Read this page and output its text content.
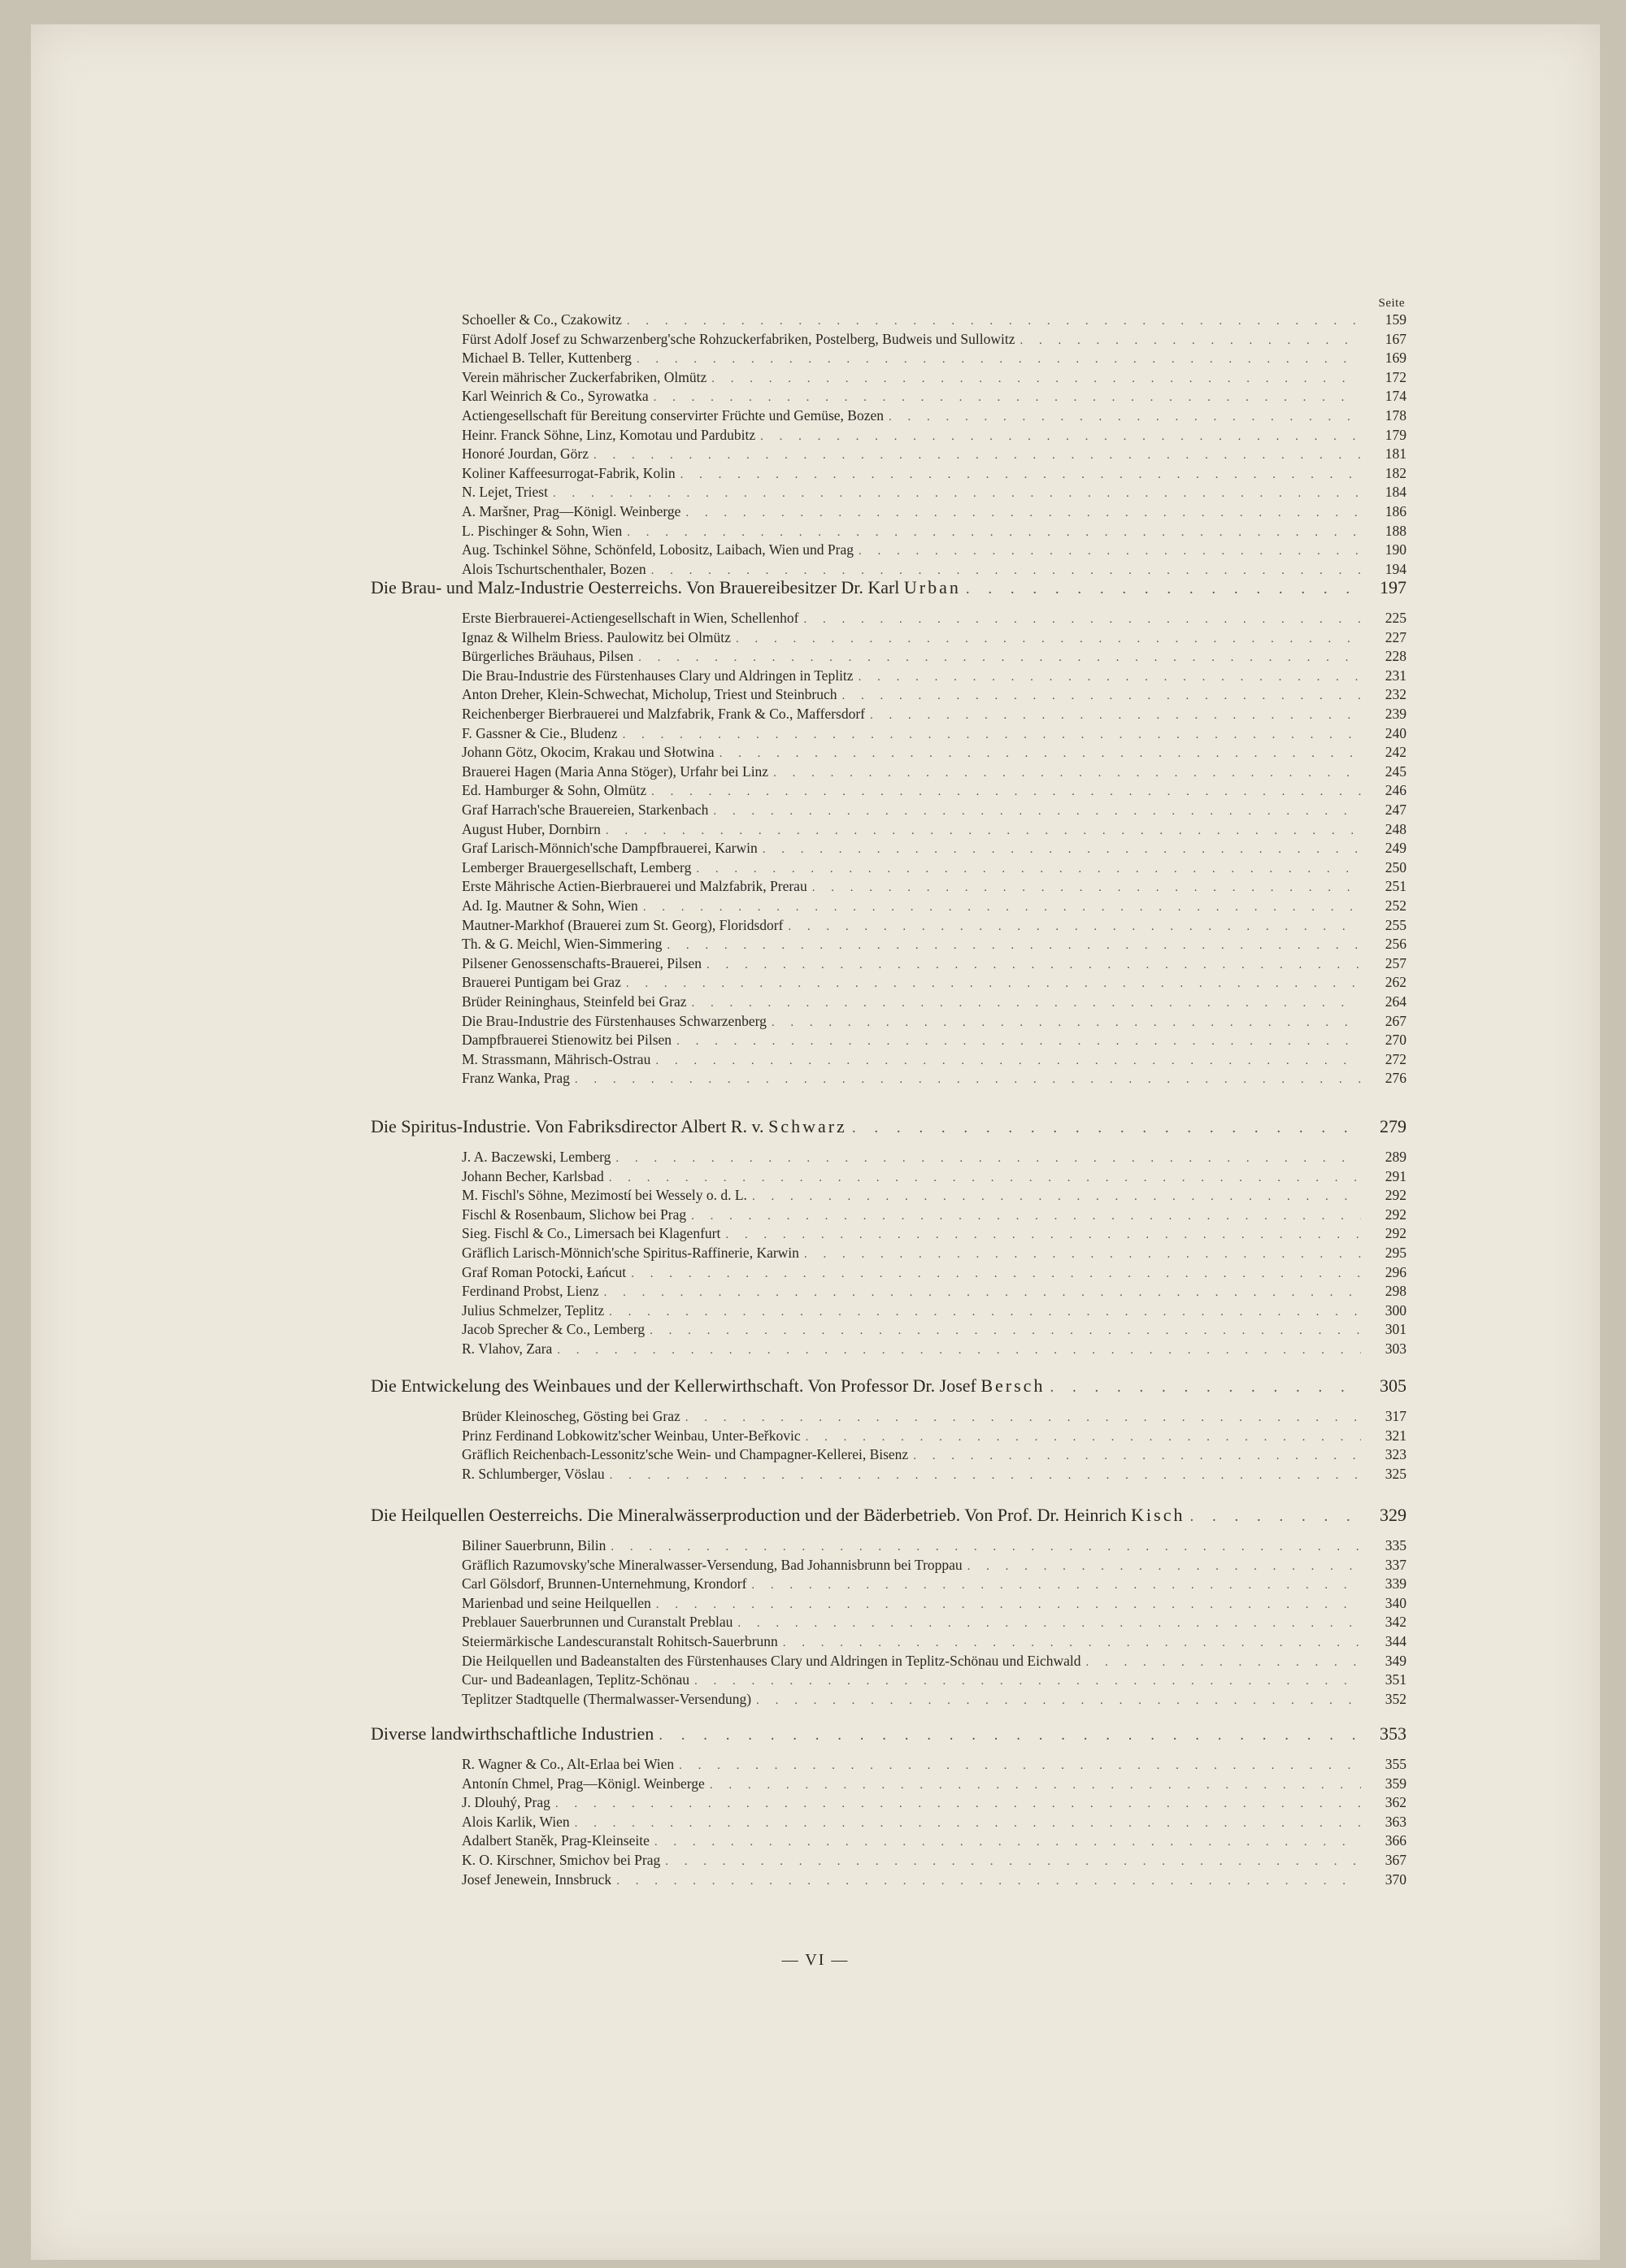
Seite
Schoeller & Co., Czakowitz . . .	159
Fürst Adolf Josef zu Schwarzenberg'sche Rohzuckerfabriken, Postelberg, Budweis und Sullowitz . . .	167
Michael B. Teller, Kuttenberg . . .	169
Verein mährischer Zuckerfabriken, Olmütz . . .	172
Karl Weinrich & Co., Syrowatka . . .	174
Actiengesellschaft für Bereitung conservirter Früchte und Gemüse, Bozen . . .	178
Heinr. Franck Söhne, Linz, Komotau und Pardubitz . . .	179
Honoré Jourdan, Görz . . .	181
Koliner Kaffeesurrogat-Fabrik, Kolin . . .	182
N. Lejet, Triest . . .	184
A. Maršner, Prag—Königl. Weinberge . . .	186
L. Pischinger & Sohn, Wien . . .	188
Aug. Tschinkel Söhne, Schönfeld, Lobositz, Laibach, Wien und Prag . . .	190
Alois Tschurtschenthaler, Bozen . . .	194
Die Brau- und Malz-Industrie Oesterreichs. Von Brauereibesitzer Dr. Karl Urban . . .	197
Erste Bierbrauerei-Actiengesellschaft in Wien, Schellenhof . . .	225
Ignaz & Wilhelm Briess. Paulowitz bei Olmütz . . .	227
Bürgerliches Bräuhaus, Pilsen . . .	228
Die Brau-Industrie des Fürstenhauses Clary und Aldringen in Teplitz . . .	231
Anton Dreher, Klein-Schwechat, Micholup, Triest und Steinbruch . . .	232
Reichenberger Bierbrauerei und Malzfabrik, Frank & Co., Maffersdorf . . .	239
F. Gassner & Cie., Bludenz . . .	240
Johann Götz, Okocim, Krakau und Słotwina . . .	242
Brauerei Hagen (Maria Anna Stöger), Urfahr bei Linz . . .	245
Ed. Hamburger & Sohn, Olmütz . . .	246
Graf Harrach'sche Brauereien, Starkenbach . . .	247
August Huber, Dornbirn . . .	248
Graf Larisch-Mönnich'sche Dampfbrauerei, Karwin . . .	249
Lemberger Brauergesellschaft, Lemberg . . .	250
Erste Mährische Actien-Bierbrauerei und Malzfabrik, Prerau . . .	251
Ad. Ig. Mautner & Sohn, Wien . . .	252
Mautner-Markhof (Brauerei zum St. Georg), Floridsdorf . . .	255
Th. & G. Meichl, Wien-Simmering . . .	256
Pilsener Genossenschafts-Brauerei, Pilsen . . .	257
Brauerei Puntigam bei Graz . . .	262
Brüder Reininghaus, Steinfeld bei Graz . . .	264
Die Brau-Industrie des Fürstenhauses Schwarzenberg . . .	267
Dampfbrauerei Stienowitz bei Pilsen . . .	270
M. Strassmann, Mährisch-Ostrau . . .	272
Franz Wanka, Prag . . .	276
Die Spiritus-Industrie. Von Fabriksdirector Albert R. v. Schwarz . . .	279
J. A. Baczewski, Lemberg . . .	289
Johann Becher, Karlsbad . . .	291
M. Fischl's Söhne, Mezimostí bei Wessely o. d. L. . . .	292
Fischl & Rosenbaum, Slichow bei Prag . . .	292
Sieg. Fischl & Co., Limersach bei Klagenfurt . . .	292
Gräflich Larisch-Mönnich'sche Spiritus-Raffinerie, Karwin . . .	295
Graf Roman Potocki, Łańcut . . .	296
Ferdinand Probst, Lienz . . .	298
Julius Schmelzer, Teplitz . . .	300
Jacob Sprecher & Co., Lemberg . . .	301
R. Vlahov, Zara . . .	303
Die Entwickelung des Weinbaues und der Kellerwirthschaft. Von Professor Dr. Josef Bersch . . .	305
Brüder Kleinoscheg, Gösting bei Graz . . .	317
Prinz Ferdinand Lobkowitz'scher Weinbau, Unter-Beřkovic . . .	321
Gräflich Reichenbach-Lessonitz'sche Wein- und Champagner-Kellerei, Bisenz . . .	323
R. Schlumberger, Vöslau . . .	325
Die Heilquellen Oesterreichs. Die Mineralwässerproduction und der Bäderbetrieb. Von Prof. Dr. Heinrich Kisch . . .	329
Biliner Sauerbrunn, Bilin . . .	335
Gräflich Razumovsky'sche Mineralwasser-Versendung, Bad Johannisbrunn bei Troppau . . .	337
Carl Gölsdorf, Brunnen-Unternehmung, Krondorf . . .	339
Marienbad und seine Heilquellen . . .	340
Preblauer Sauerbrunnen und Curanstalt Preblau . . .	342
Steiermärkische Landescuranstalt Rohitsch-Sauerbrunn . . .	344
Die Heilquellen und Badeanstalten des Fürstenhauses Clary und Aldringen in Teplitz-Schönau und Eichwald . . .	349
Cur- und Badeanlagen, Teplitz-Schönau . . .	351
Teplitzer Stadtquelle (Thermalwasser-Versendung) . . .	352
Diverse landwirthschaftliche Industrien . . .	353
R. Wagner & Co., Alt-Erlaa bei Wien . . .	355
Antonín Chmel, Prag—Königl. Weinberge . . .	359
J. Dlouhý, Prag . . .	362
Alois Karlik, Wien . . .	363
Adalbert Staněk, Prag-Kleinseite . . .	366
K. O. Kirschner, Smichov bei Prag . . .	367
Josef Jenewein, Innsbruck . . .	370
— VI —
